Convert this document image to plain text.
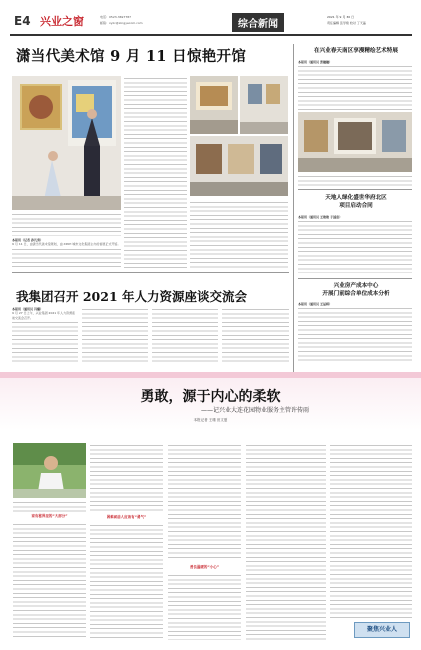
E4 兴业之窗	电话：0523-3697787
邮箱：xyzc@xingyecom.com	综合新闻
2021 年 9 月 30 日
责任编辑 张学艳 校对 丁天晶
潇当代美术馆 9 月 11 日惊艳开馆
本报讯（记者 孙凡勇）
9 月 11 日，由潇当代美术馆策划，由 XINYI 城市文化集团主办的首展正式开馆。
我集团召开 2021 年人力资源座谈交流会
本报讯（通讯员 冯璐）
9 月 27 日上午，兴业集团 2021 年人力资源座谈交流会召开。
在兴业春天南区享漫精绘艺术特展
本报讯（通讯员 张健健）
天地人绿化盛世华府北区
项目启动合同
本报讯（通讯员 王艳艳 于国宙）
兴业房产成本中心
开展门前综合单位成本分析
本报讯（通讯员 王星棋）
勇敢，源于内心的柔软
——记兴业大连花园物业服务主管许传雨
本报记者 王瑾 田文夏
家有秘界里的“大部分”	困难面前人应该有“勇气”
善良温暖的“小心”
聚焦兴业人
